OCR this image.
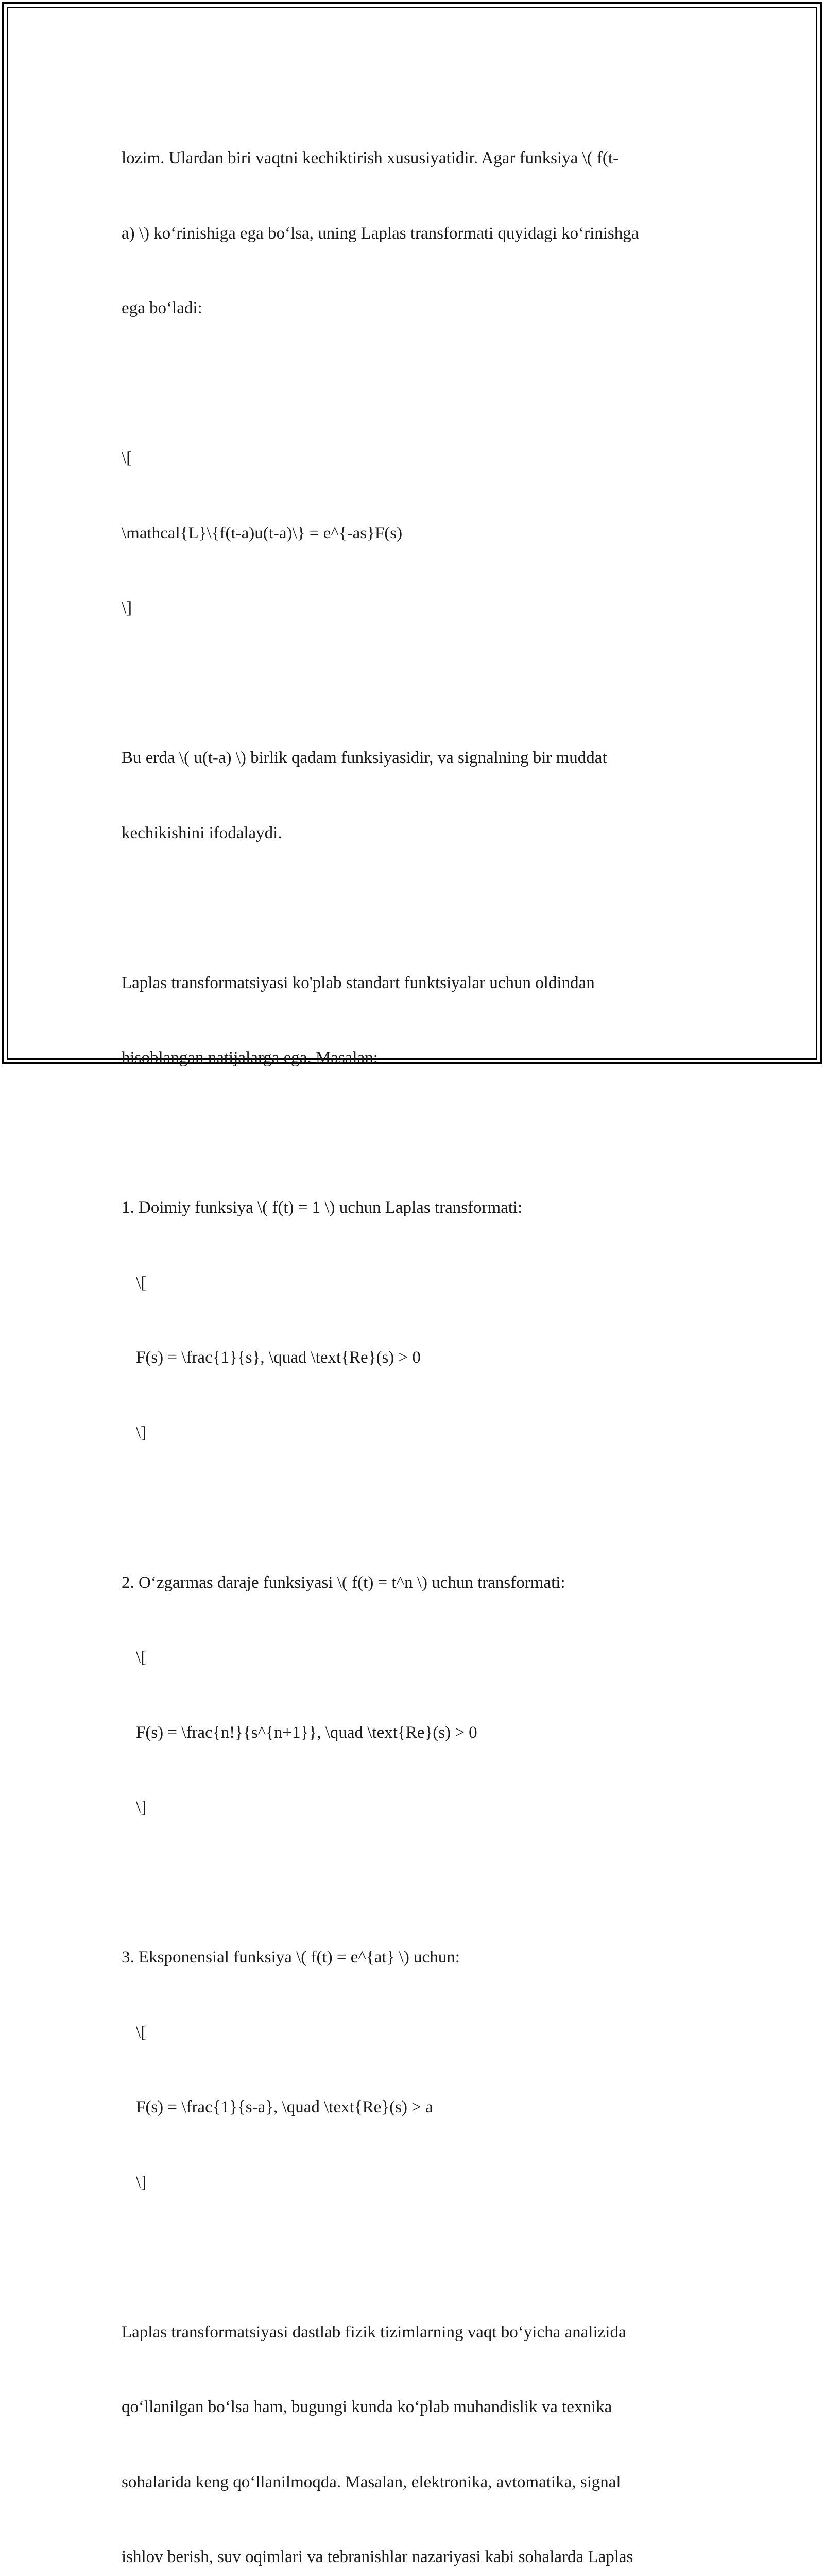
lozim. Ulardan biri vaqtni kechiktirish xususiyatidir. Agar funksiya \( f(t-

a) \) ko‘rinishiga ega bo‘lsa, uning Laplas transformati quyidagi ko‘rinishga

ega bo‘ladi:

\[

\mathcal{L}\{f(t-a)u(t-a)\} = e^{-as}F(s)

\]

Bu erda \( u(t-a) \) birlik qadam funksiyasidir, va signalning bir muddat

kechikishini ifodalaydi.

Laplas transformatsiyasi ko'plab standart funktsiyalar uchun oldindan

hisoblangan natijalarga ega. Masalan:

1. Doimiy funksiya \( f(t) = 1 \) uchun Laplas transformati:

\[

F(s) = \frac{1}{s}, \quad \text{Re}(s) > 0

\]

2. O‘zgarmas daraje funksiyasi \( f(t) = t^n \) uchun transformati:

\[

F(s) = \frac{n!}{s^{n+1}}, \quad \text{Re}(s) > 0

\]

3. Eksponensial funksiya \( f(t) = e^{at} \) uchun:

\[

F(s) = \frac{1}{s-a}, \quad \text{Re}(s) > a

\]

Laplas transformatsiyasi dastlab fizik tizimlarning vaqt bo‘yicha analizida

qo‘llanilgan bo‘lsa ham, bugungi kunda ko‘plab muhandislik va texnika

sohalarida keng qo‘llanilmoqda. Masalan, elektronika, avtomatika, signal

ishlov berish, suv oqimlari va tebranishlar nazariyasi kabi sohalarda Laplas
